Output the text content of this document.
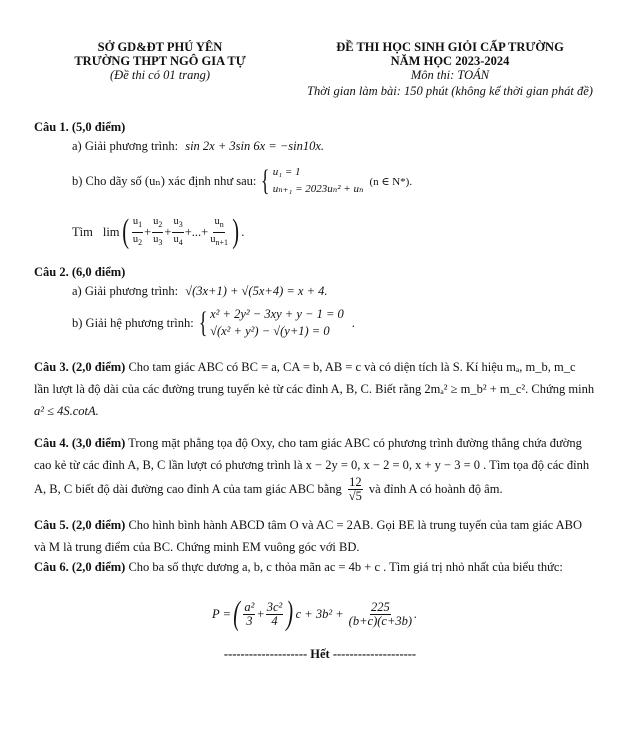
SỞ GD&ĐT PHÚ YÊN
TRƯỜNG THPT NGÔ GIA TỰ
(Đề thi có 01 trang)
ĐỀ THI HỌC SINH GIỎI CẤP TRƯỜNG
NĂM HỌC 2023-2024
Môn thi: TOÁN
Thời gian làm bài: 150 phút (không kể thời gian phát đề)
Câu 1. (5,0 điểm)
a) Giải phương trình: sin 2x + 3sin 6x = −sin10x.
b) Cho dãy số (uₙ) xác định như sau: { u₁ = 1
uₙ₊₁ = 2023uₙ² + uₙ
(n ∈ N*).
Tìm lim ( $\frac{u_1}{u_2} + \frac{u_2}{u_3} + \frac{u_3}{u_4}$ +...+ $\frac{u_n}{u_{n+1}}$ ) .
Câu 2. (6,0 điểm)
a) Giải phương trình: √(3x+1) + √(5x+4) = x + 4.
b) Giải hệ phương trình: { x² + 2y² − 3xy + y − 1 = 0
√(x² + y²) − √(y+1) = 0
.
Câu 3. (2,0 điểm) Cho tam giác ABC có BC = a, CA = b, AB = c và có diện tích là S. Kí hiệu mₐ, m_b, m_c
lần lượt là độ dài của các đường trung tuyến kẻ từ các đỉnh A, B, C. Biết rằng 2mₐ² ≥ m_b² + m_c². Chứng minh
a² ≤ 4S.cotA.
Câu 4. (3,0 điểm) Trong mặt phẳng tọa độ Oxy, cho tam giác ABC có phương trình đường thẳng chứa đường
cao kẻ từ các đỉnh A, B, C lần lượt có phương trình là x − 2y = 0, x − 2 = 0, x + y − 3 = 0 . Tìm tọa độ các đỉnh
A, B, C biết độ dài đường cao đỉnh A của tam giác ABC bằng $\frac{12}{√5}$ và đỉnh A có hoành độ âm.
Câu 5. (2,0 điểm) Cho hình bình hành ABCD tâm O và AC = 2AB. Gọi BE là trung tuyến của tam giác ABO
và M là trung điểm của BC. Chứng minh EM vuông góc với BD.
Câu 6. (2,0 điểm) Cho ba số thực dương a, b, c thỏa mãn ac = 4b + c . Tìm giá trị nhỏ nhất của biểu thức:
P = ( $\frac{\text{a²}}{3} + \frac{\text{3c²}}{4}$ ) $c + 3b^2 + \frac{225}{(b+c)(c+3b)}$ .
-------------------- Hết --------------------
